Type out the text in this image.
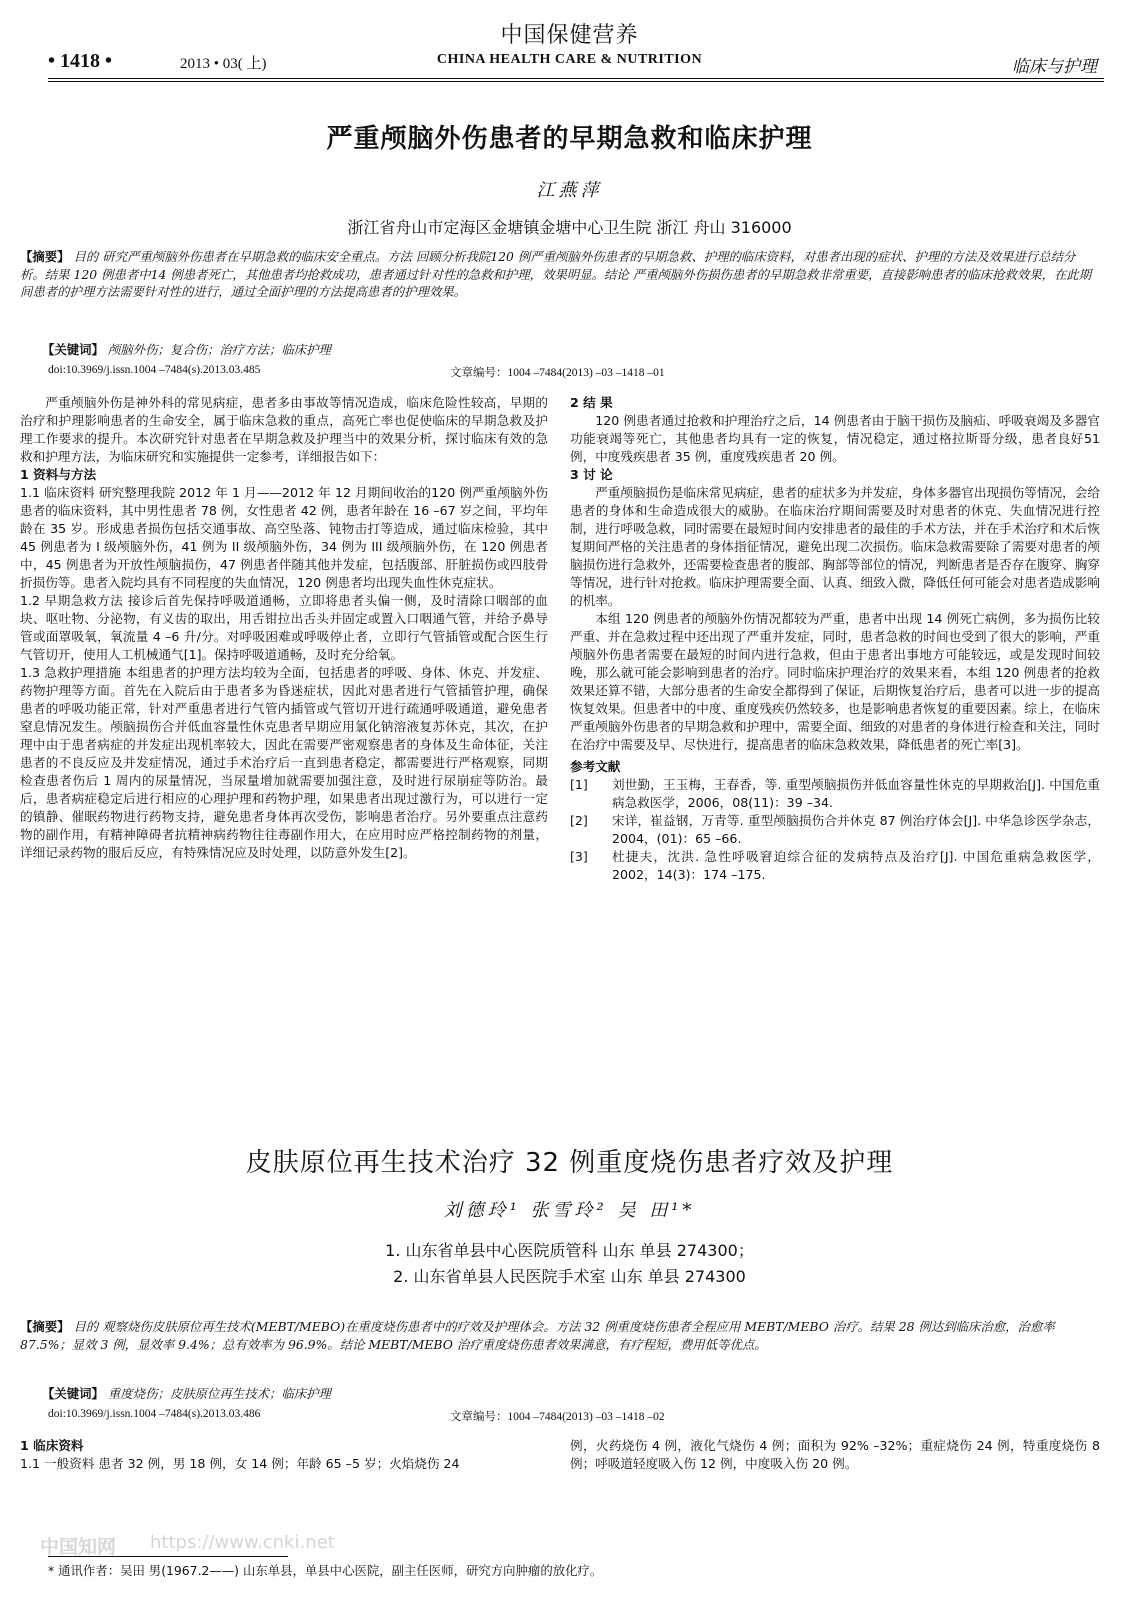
中国保健营养
• 1418 •	2013 • 03( 上)	CHINA HEALTH CARE & NUTRITION	临床与护理
严重颅脑外伤患者的早期急救和临床护理
江燕萍
浙江省舟山市定海区金塘镇金塘中心卫生院 浙江 舟山 316000
【摘要】 目的 研究严重颅脑外伤患者在早期急救的临床安全重点。方法 回顾分析我院120 例严重颅脑外伤患者的早期急救、护理的临床资料，对患者出现的症状、护理的方法及效果进行总结分析。结果 120 例患者中14 例患者死亡，其他患者均抢救成功，患者通过针对性的急救和护理，效果明显。结论 严重颅脑外伤损伤患者的早期急救非常重要，直接影响患者的临床抢救效果，在此期间患者的护理方法需要针对性的进行，通过全面护理的方法提高患者的护理效果。
【关键词】 颅脑外伤；复合伤；治疗方法；临床护理
doi:10.3969/j.issn.1004 –7484(s).2013.03.485	文章编号：1004 –7484(2013) –03 –1418 –01

严重颅脑外伤是神外科的常见病症，患者多由事故等情况造成，临床危险性较高，早期的治疗和护理影响患者的生命安全，属于临床急救的重点，高死亡率也促使临床的早期急救及护理工作要求的提升。本次研究针对患者在早期急救及护理当中的效果分析，探讨临床有效的急救和护理方法，为临床研究和实施提供一定参考，详细报告如下：

1 资料与方法

1.1 临床资料 研究整理我院 2012 年 1 月——2012 年 12 月期间收治的120 例严重颅脑外伤患者的临床资料，其中男性患者 78 例，女性患者 42 例，患者年龄在 16 –67 岁之间，平均年龄在 35 岁。形成患者损伤包括交通事故、高空坠落、钝物击打等造成，通过临床检验，其中45 例患者为 I 级颅脑外伤，41 例为 II 级颅脑外伤，34 例为 III 级颅脑外伤，在 120 例患者中，45 例患者为开放性颅脑损伤，47 例患者伴随其他并发症，包括腹部、肝脏损伤或四肢骨折损伤等。患者入院均具有不同程度的失血情况，120 例患者均出现失血性休克症状。

1.2 早期急救方法 接诊后首先保持呼吸道通畅，立即将患者头偏一侧，及时清除口咽部的血块、呕吐物、分泌物，有义齿的取出，用舌钳拉出舌头并固定或置入口咽通气管，并给予鼻导管或面罩吸氧，氧流量 4 –6 升/分。对呼吸困难或呼吸停止者，立即行气管插管或配合医生行气管切开，使用人工机械通气[1]。保持呼吸道通畅，及时充分给氧。

1.3 急救护理措施 本组患者的护理方法均较为全面，包括患者的呼吸、身体、休克、并发症、药物护理等方面。首先在入院后由于患者多为昏迷症状，因此对患者进行气管插管护理，确保患者的呼吸功能正常，针对严重患者进行气管内插管或气管切开进行疏通呼吸通道，避免患者窒息情况发生。颅脑损伤合并低血容量性休克患者早期应用氯化钠溶液复苏休克，其次，在护理中由于患者病症的并发症出现机率较大，因此在需要严密观察患者的身体及生命体征，关注患者的不良反应及并发症情况，通过手术治疗后一直到患者稳定，都需要进行严格观察，同期检查患者伤后 1 周内的尿量情况，当尿量增加就需要加强注意，及时进行尿崩症等防治。最后，患者病症稳定后进行相应的心理护理和药物护理，如果患者出现过激行为，可以进行一定的镇静、催眠药物进行药物支持，避免患者身体再次受伤，影响患者治疗。另外要重点注意药物的副作用，有精神障碍者抗精神病药物往往毒副作用大，在应用时应严格控制药物的剂量，详细记录药物的服后反应，有特殊情况应及时处理，以防意外发生[2]。

2 结 果

120 例患者通过抢救和护理治疗之后，14 例患者由于脑干损伤及脑疝、呼吸衰竭及多器官功能衰竭等死亡，其他患者均具有一定的恢复，情况稳定，通过格拉斯哥分级，患者良好51 例，中度残疾患者 35 例，重度残疾患者 20 例。

3 讨 论

严重颅脑损伤是临床常见病症，患者的症状多为并发症，身体多器官出现损伤等情况，会给患者的身体和生命造成很大的威胁。在临床治疗期间需要及时对患者的休克、失血情况进行控制，进行呼吸急救，同时需要在最短时间内安排患者的最佳的手术方法，并在手术治疗和术后恢复期间严格的关注患者的身体指征情况，避免出现二次损伤。临床急救需要除了需要对患者的颅脑损伤进行急救外，还需要检查患者的腹部、胸部等部位的情况，判断患者是否存在腹穿、胸穿等情况，进行针对抢救。临床护理需要全面、认真、细致入微，降低任何可能会对患者造成影响的机率。

本组 120 例患者的颅脑外伤情况都较为严重，患者中出现 14 例死亡病例，多为损伤比较严重、并在急救过程中还出现了严重并发症，同时，患者急救的时间也受到了很大的影响，严重颅脑外伤患者需要在最短的时间内进行急救，但由于患者出事地方可能较远，或是发现时间较晚，那么就可能会影响到患者的治疗。同时临床护理治疗的效果来看，本组 120 例患者的抢救效果还算不错，大部分患者的生命安全都得到了保证，后期恢复治疗后，患者可以进一步的提高恢复效果。但患者中的中度、重度残疾仍然较多，也是影响患者恢复的重要因素。综上，在临床严重颅脑外伤患者的早期急救和护理中，需要全面、细致的对患者的身体进行检查和关注，同时在治疗中需要及早、尽快进行，提高患者的临床急救效果，降低患者的死亡率[3]。

参考文献

[1]	刘世勤，王玉梅，王春香，等. 重型颅脑损伤并低血容量性休克的早期救治[J]. 中国危重病急救医学，2006，08(11)：39 –34.
[2]	宋详，崔益钢，万青等. 重型颅脑损伤合并休克 87 例治疗体会[J]. 中华急诊医学杂志，2004，(01)：65 –66.
[3]	杜捷夫，沈洪. 急性呼吸窘迫综合征的发病特点及治疗[J]. 中国危重病急救医学，2002，14(3)：174 –175.
皮肤原位再生技术治疗 32 例重度烧伤患者疗效及护理
刘德玲¹ 张雪玲² 吴 田¹*
1. 山东省单县中心医院质管科 山东 单县 274300；
2. 山东省单县人民医院手术室 山东 单县 274300
【摘要】 目的 观察烧伤皮肤原位再生技术(MEBT/MEBO)在重度烧伤患者中的疗效及护理体会。方法 32 例重度烧伤患者全程应用 MEBT/MEBO 治疗。结果 28 例达到临床治愈，治愈率 87.5%；显效 3 例，显效率 9.4%；总有效率为 96.9%。结论 MEBT/MEBO 治疗重度烧伤患者效果满意，有疗程短，费用低等优点。
【关键词】 重度烧伤；皮肤原位再生技术；临床护理
doi:10.3969/j.issn.1004 –7484(s).2013.03.486	文章编号：1004 –7484(2013) –03 –1418 –02

1 临床资料

1.1 一般资料 患者 32 例，男 18 例，女 14 例；年龄 65 –5 岁；火焰烧伤 24

例，火药烧伤 4 例，液化气烧伤 4 例；面积为 92% –32%；重症烧伤 24 例，特重度烧伤 8 例；呼吸道轻度吸入伤 12 例，中度吸入伤 20 例。

中国知网 https://www.cnki.net
* 通讯作者：吴田 男(1967.2——) 山东单县，单县中心医院，副主任医师，研究方向肿瘤的放化疗。
